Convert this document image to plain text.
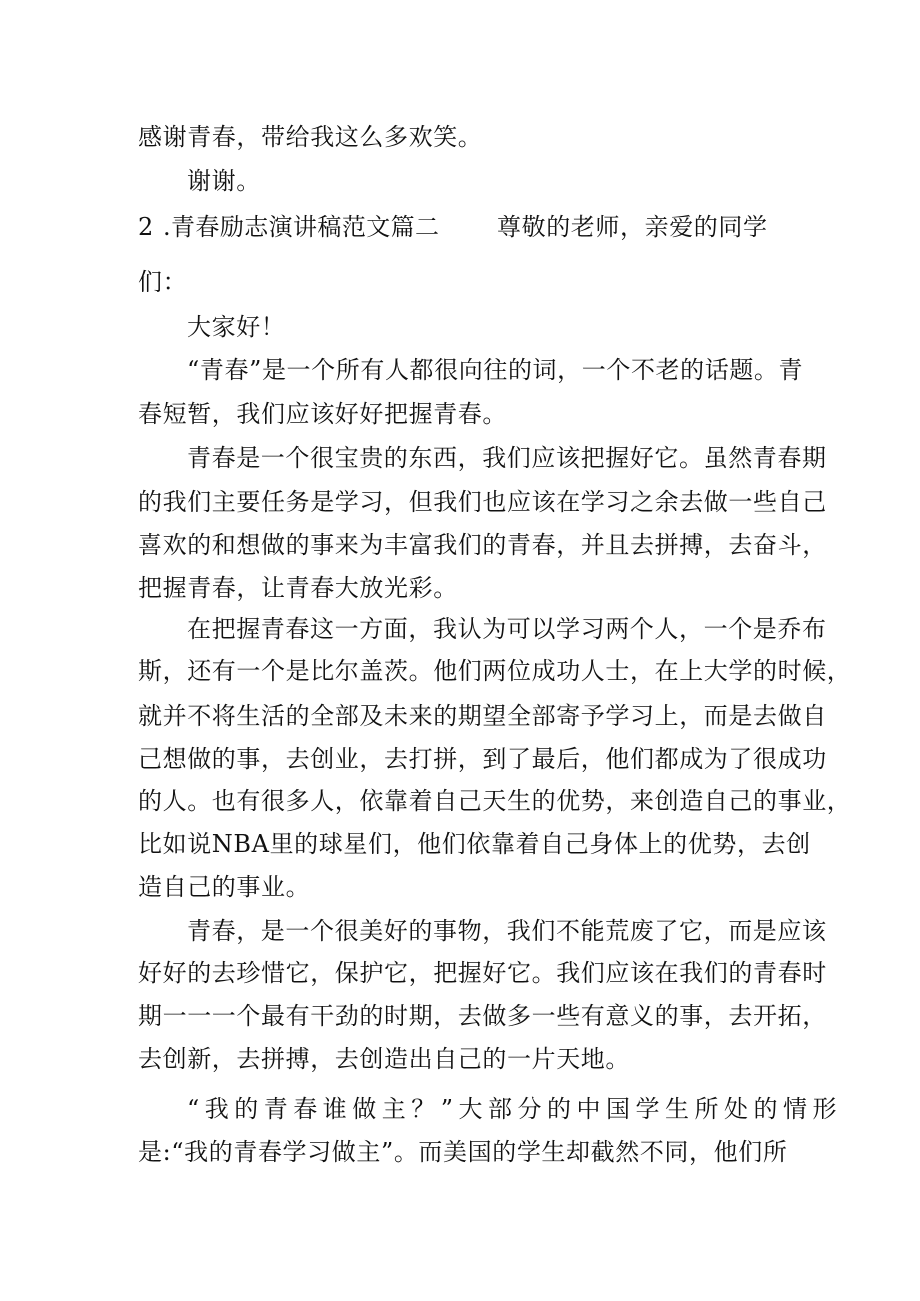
感谢青春，带给我这么多欢笑。
谢谢。
2 .青春励志演讲稿范文篇二 尊敬的老师，亲爱的同学
们：
大家好！
“青春”是一个所有人都很向往的词，一个不老的话题。青
春短暂，我们应该好好把握青春。
青春是一个很宝贵的东西，我们应该把握好它。虽然青春期
的我们主要任务是学习，但我们也应该在学习之余去做一些自己
喜欢的和想做的事来为丰富我们的青春，并且去拼搏，去奋斗，
把握青春，让青春大放光彩。
在把握青春这一方面，我认为可以学习两个人，一个是乔布
斯，还有一个是比尔盖茨。他们两位成功人士，在上大学的时候，
就并不将生活的全部及未来的期望全部寄予学习上，而是去做自
己想做的事，去创业，去打拼，到了最后，他们都成为了很成功
的人。也有很多人，依靠着自己天生的优势，来创造自己的事业，
比如说NBA里的球星们，他们依靠着自己身体上的优势，去创
造自己的事业。
青春，是一个很美好的事物，我们不能荒废了它，而是应该
好好的去珍惜它，保护它，把握好它。我们应该在我们的青春时
期一一一个最有干劲的时期，去做多一些有意义的事，去开拓，
去创新，去拼搏，去创造出自己的一片天地。
“我的青春谁做主？”大部分的中国学生所处的情形
是:“我的青春学习做主”。而美国的学生却截然不同，他们所
